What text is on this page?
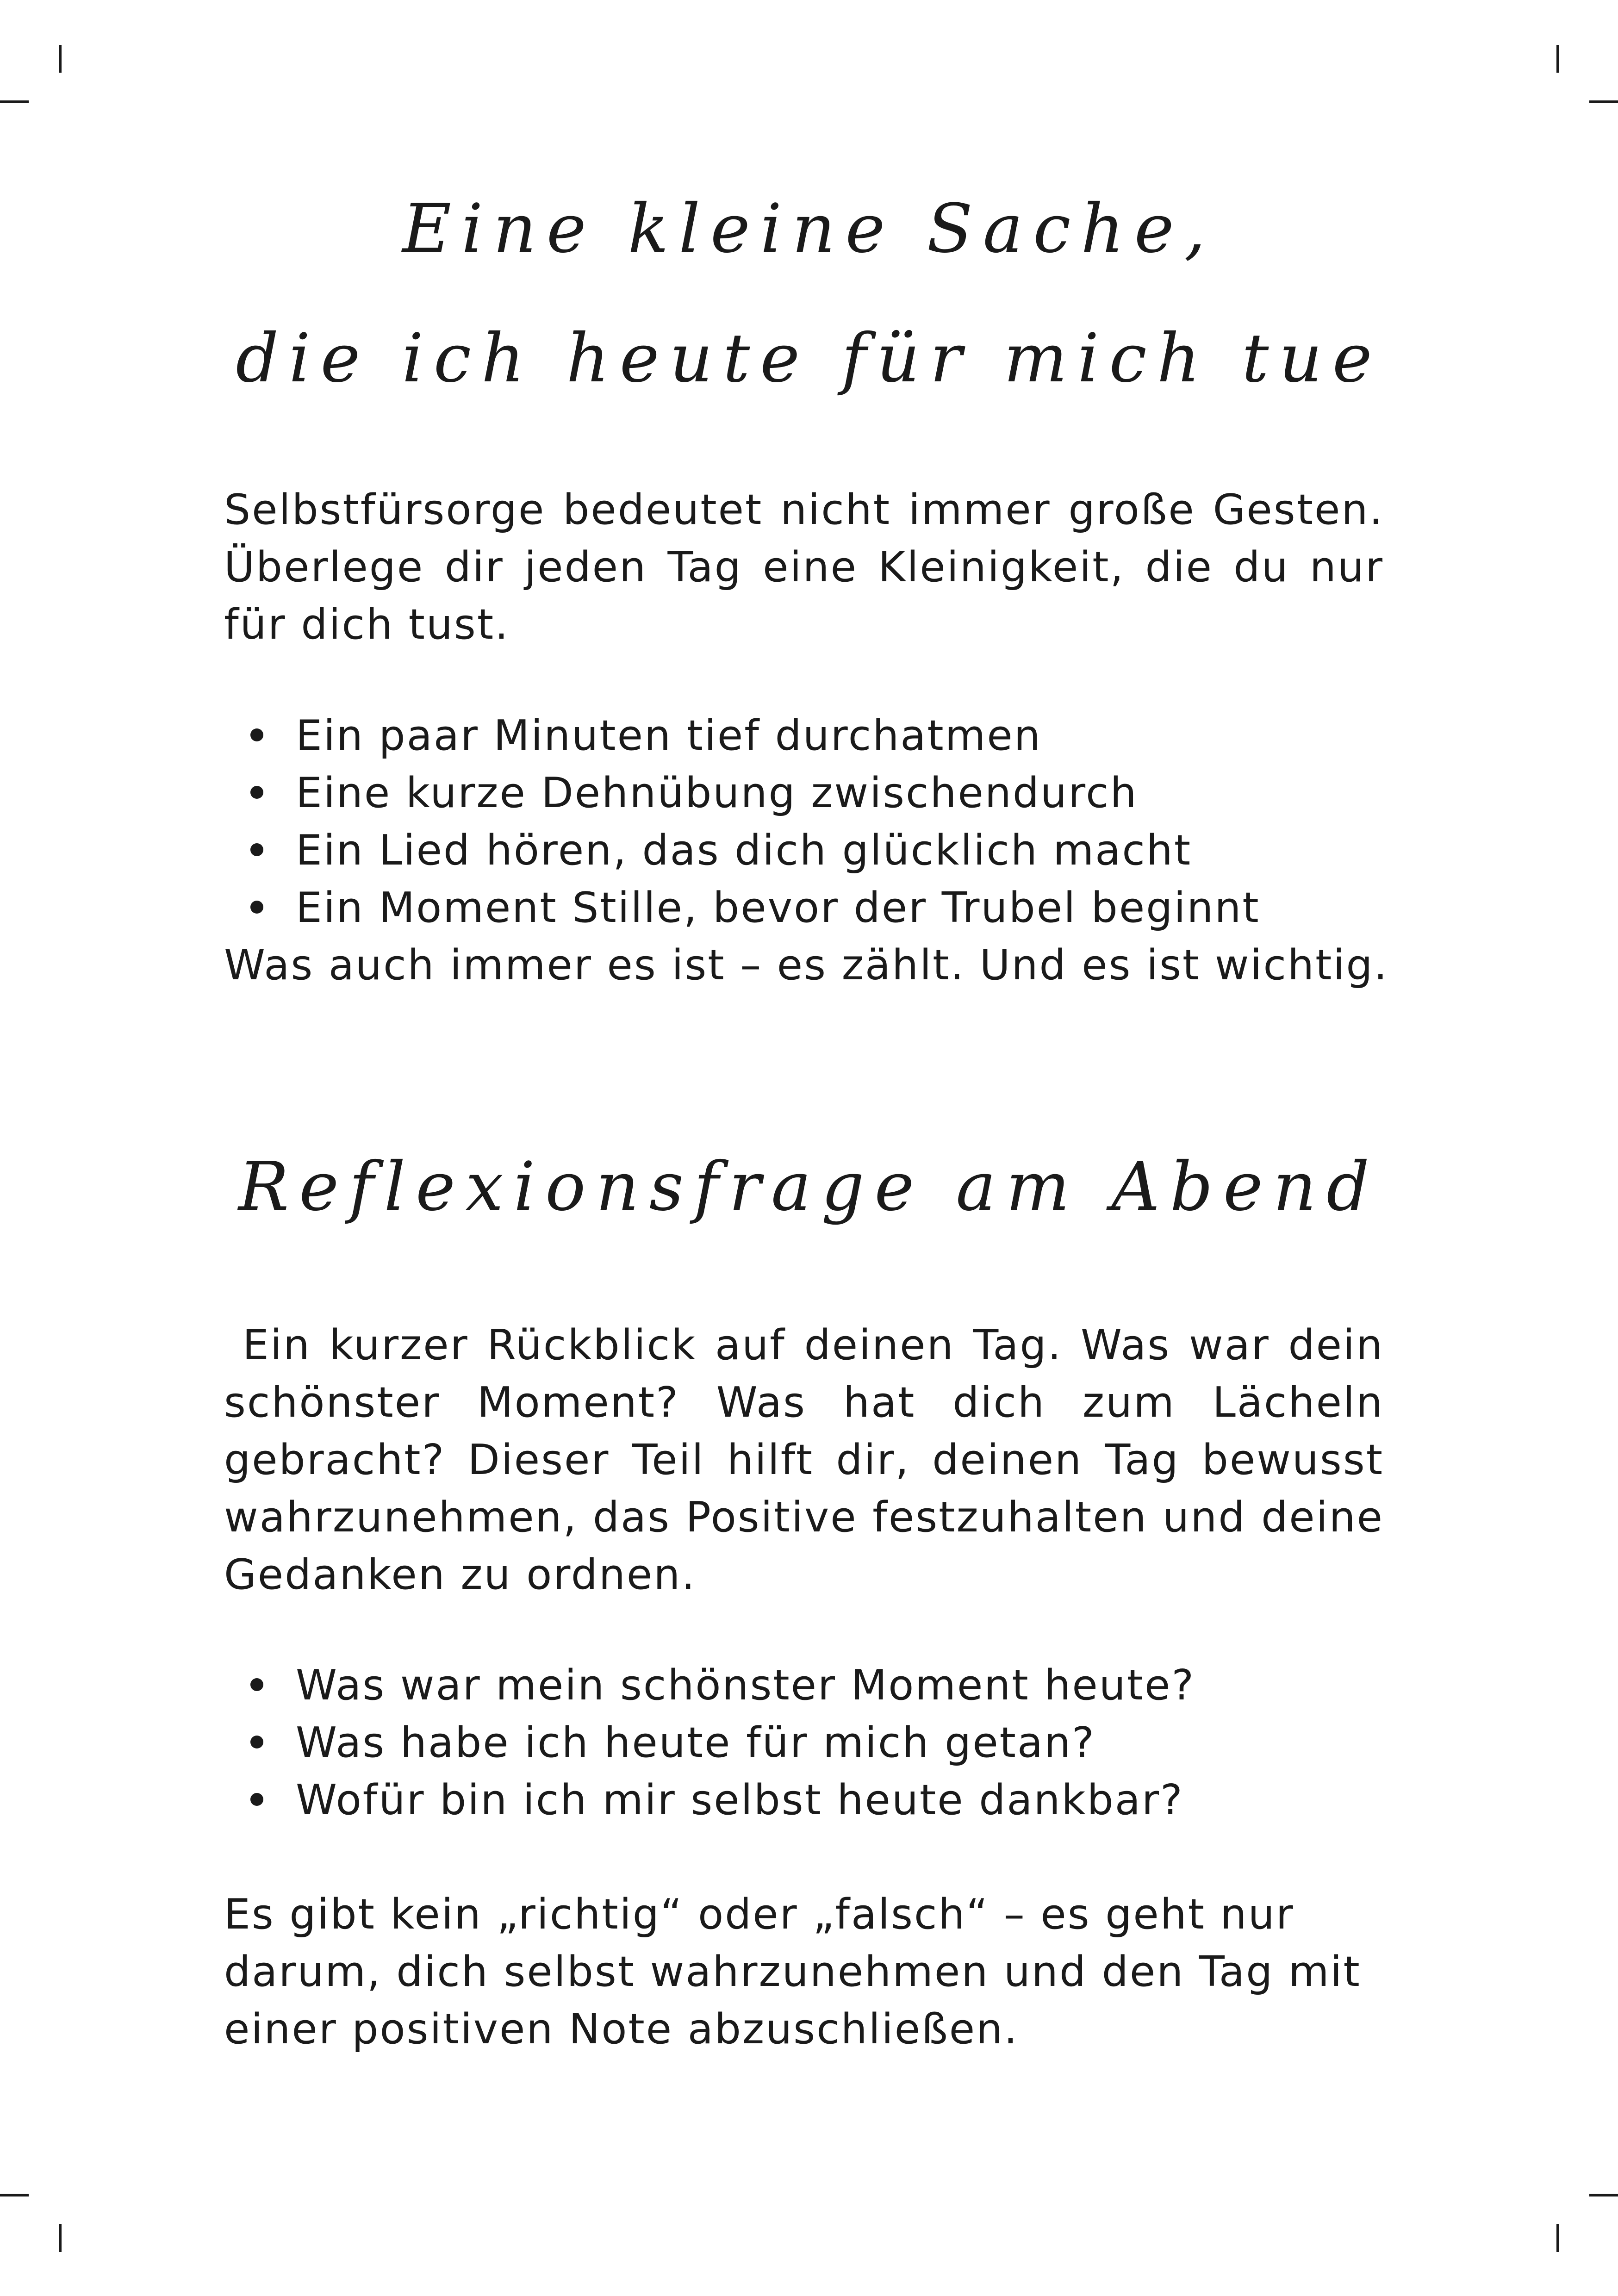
Eine kleine Sache,
die ich heute für mich tue

Selbstfürsorge bedeutet nicht immer große Gesten. Überlege dir jeden Tag eine Kleinigkeit, die du nur für dich tust.

Ein paar Minuten tief durchatmen
Eine kurze Dehnübung zwischendurch
Ein Lied hören, das dich glücklich macht
Ein Moment Stille, bevor der Trubel beginnt

Was auch immer es ist – es zählt. Und es ist wichtig.

Reflexionsfrage am Abend

Ein kurzer Rückblick auf deinen Tag. Was war dein schönster Moment? Was hat dich zum Lächeln gebracht? Dieser Teil hilft dir, deinen Tag bewusst wahrzunehmen, das Positive festzuhalten und deine Gedanken zu ordnen.

Was war mein schönster Moment heute?
Was habe ich heute für mich getan?
Wofür bin ich mir selbst heute dankbar?

Es gibt kein „richtig“ oder „falsch“ – es geht nur darum, dich selbst wahrzunehmen und den Tag mit einer positiven Note abzuschließen.
